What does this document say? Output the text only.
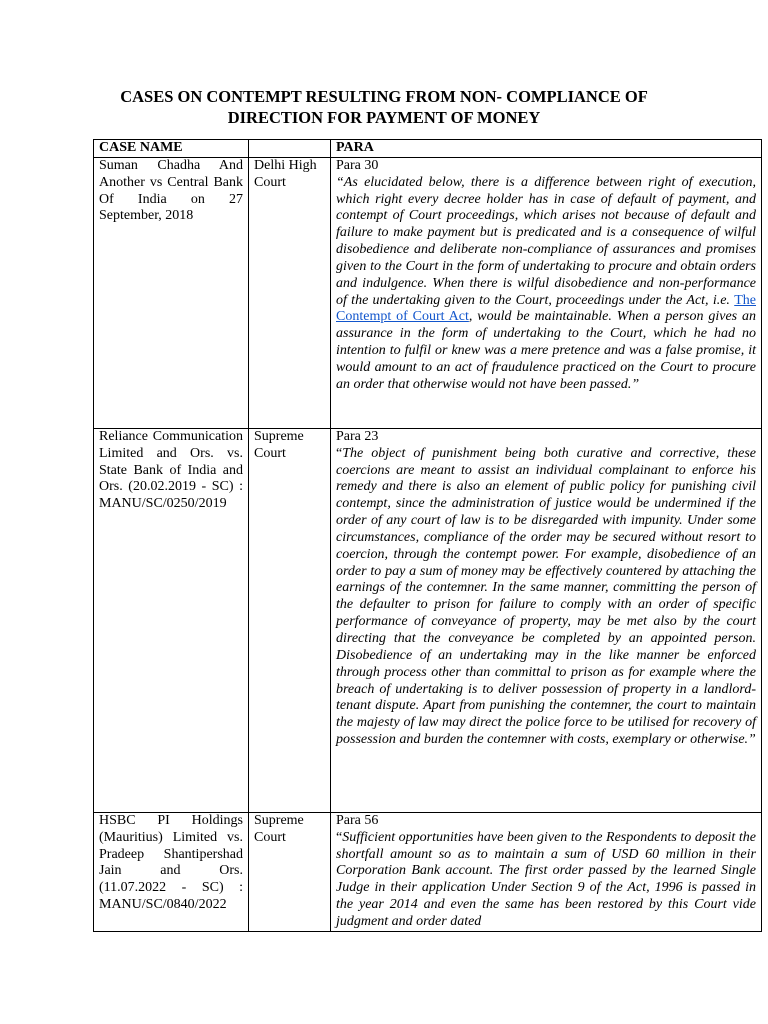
CASES ON CONTEMPT RESULTING FROM NON- COMPLIANCE OF
DIRECTION FOR PAYMENT OF MONEY
CASE NAME		PARA
Suman Chadha And Another vs Central Bank Of India on 27 September, 2018	Delhi High Court	Para 30
“As elucidated below, there is a difference between right of execution, which right every decree holder has in case of default of payment, and contempt of Court proceedings, which arises not because of default and failure to make payment but is predicated and is a consequence of wilful disobedience and deliberate non-compliance of assurances and promises given to the Court in the form of undertaking to procure and obtain orders and indulgence. When there is wilful disobedience and non-performance of the undertaking given to the Court, proceedings under the Act, i.e. The Contempt of Court Act, would be maintainable. When a person gives an assurance in the form of undertaking to the Court, which he had no intention to fulfil or knew was a mere pretence and was a false promise, it would amount to an act of fraudulence practiced on the Court to procure an order that otherwise would not have been passed.”

Reliance Communication Limited and Ors. vs. State Bank of India and Ors. (20.02.2019 - SC) : MANU/SC/0250/2019	Supreme Court	Para 23
“The object of punishment being both curative and corrective, these coercions are meant to assist an individual complainant to enforce his remedy and there is also an element of public policy for punishing civil contempt, since the administration of justice would be undermined if the order of any court of law is to be disregarded with impunity. Under some circumstances, compliance of the order may be secured without resort to coercion, through the contempt power. For example, disobedience of an order to pay a sum of money may be effectively countered by attaching the earnings of the contemner. In the same manner, committing the person of the defaulter to prison for failure to comply with an order of specific performance of conveyance of property, may be met also by the court directing that the conveyance be completed by an appointed person. Disobedience of an undertaking may in the like manner be enforced through process other than committal to prison as for example where the breach of undertaking is to deliver possession of property in a landlord-tenant dispute. Apart from punishing the contemner, the court to maintain the majesty of law may direct the police force to be utilised for recovery of possession and burden the contemner with costs, exemplary or otherwise.”

HSBC PI Holdings (Mauritius) Limited vs. Pradeep Shantipershad Jain and Ors. (11.07.2022 - SC) : MANU/SC/0840/2022	Supreme Court	Para 56
“Sufficient opportunities have been given to the Respondents to deposit the shortfall amount so as to maintain a sum of USD 60 million in their Corporation Bank account. The first order passed by the learned Single Judge in their application Under Section 9 of the Act, 1996 is passed in the year 2014 and even the same has been restored by this Court vide judgment and order dated
